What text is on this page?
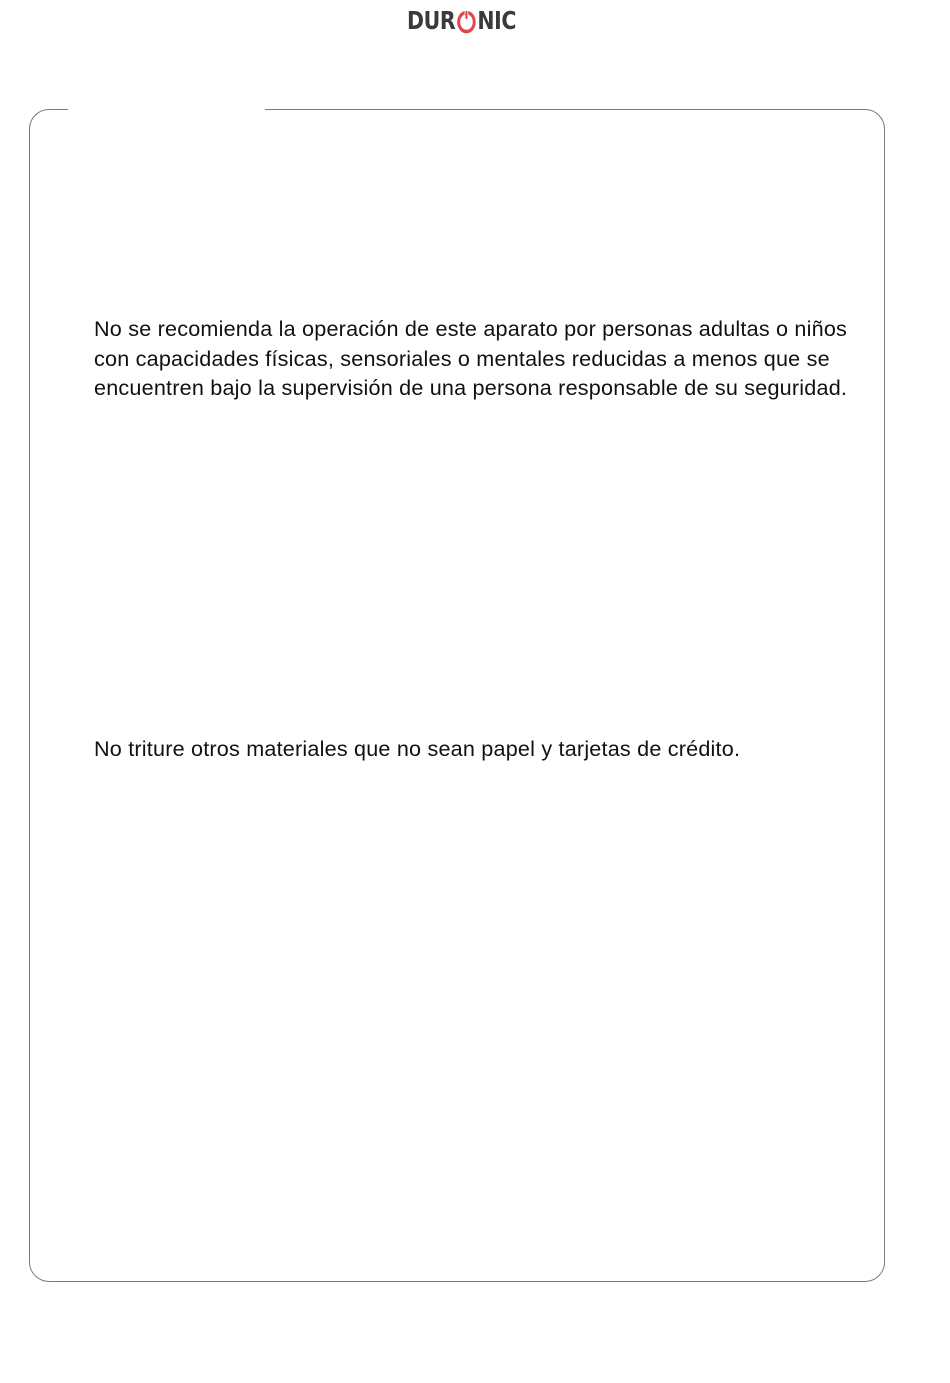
DUR NIC

No se recomienda la operación de este aparato por personas adultas o niños con capacidades físicas, sensoriales o mentales reducidas a menos que se encuentren bajo la supervisión de una persona responsable de su seguridad.

No triture otros materiales que no sean papel y tarjetas de crédito.
